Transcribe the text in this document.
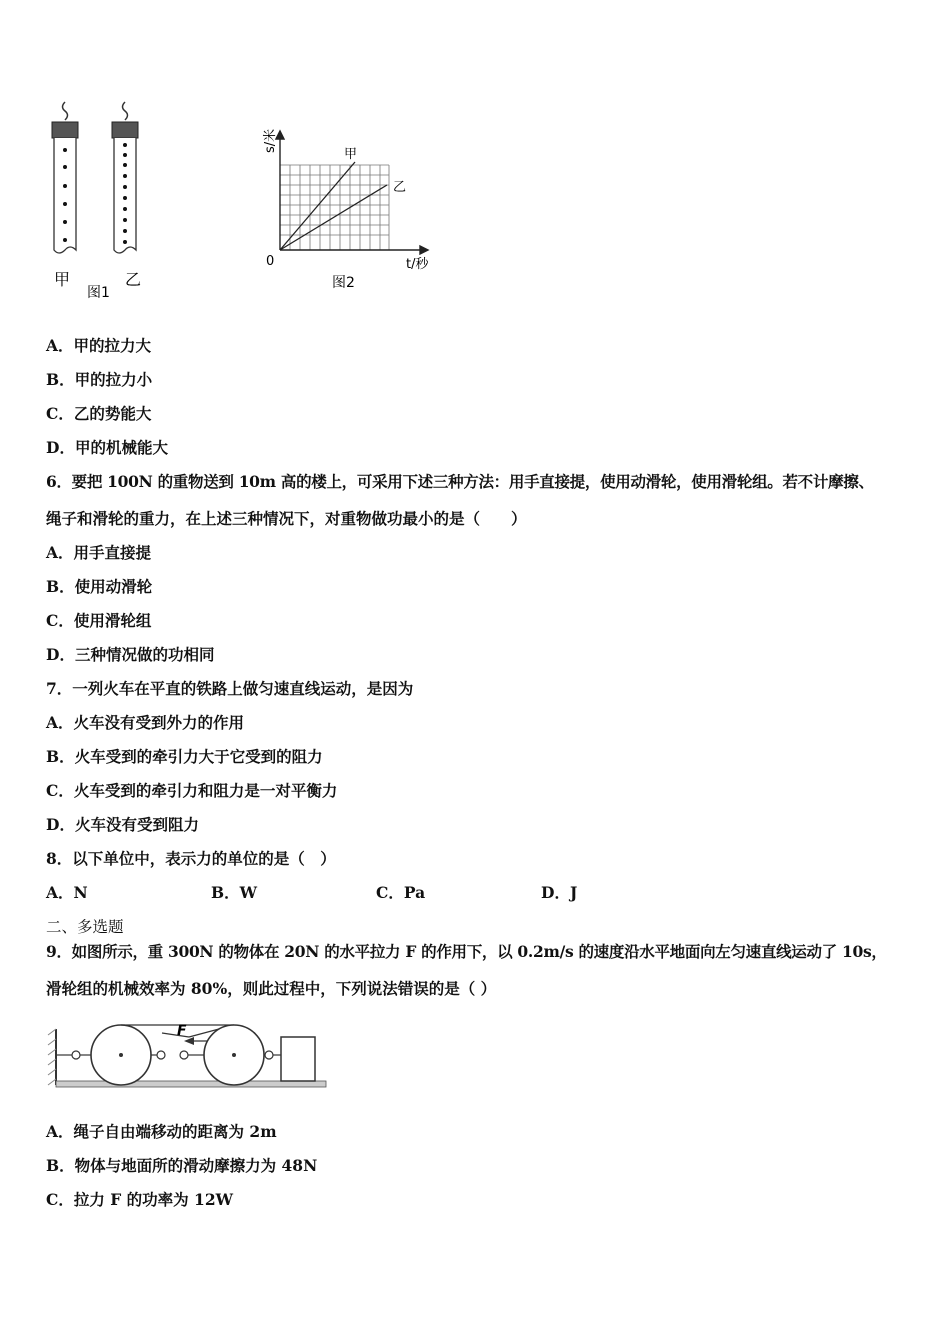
甲	乙
图1
s/米
t/秒
0
甲
乙
图2
A．甲的拉力大
B．甲的拉力小
C．乙的势能大
D．甲的机械能大
6．要把 100N 的重物送到 10m 高的楼上，可采用下述三种方法：用手直接提，使用动滑轮，使用滑轮组。若不计摩擦、
绳子和滑轮的重力，在上述三种情况下，对重物做功最小的是（　　）
A．用手直接提
B．使用动滑轮
C．使用滑轮组
D．三种情况做的功相同
7．一列火车在平直的铁路上做匀速直线运动，是因为
A．火车没有受到外力的作用
B．火车受到的牵引力大于它受到的阻力
C．火车受到的牵引力和阻力是一对平衡力
D．火车没有受到阻力
8．以下单位中，表示力的单位的是（　）
A．N	B．W	C．Pa	D．J
二、多选题
9．如图所示，重 300N 的物体在 20N 的水平拉力 F 的作用下，以 0.2m/s 的速度沿水平地面向左匀速直线运动了 10s，
滑轮组的机械效率为 80%，则此过程中，下列说法错误的是（ ）
F
A．绳子自由端移动的距离为 2m
B．物体与地面所的滑动摩擦力为 48N
C．拉力 F 的功率为 12W
